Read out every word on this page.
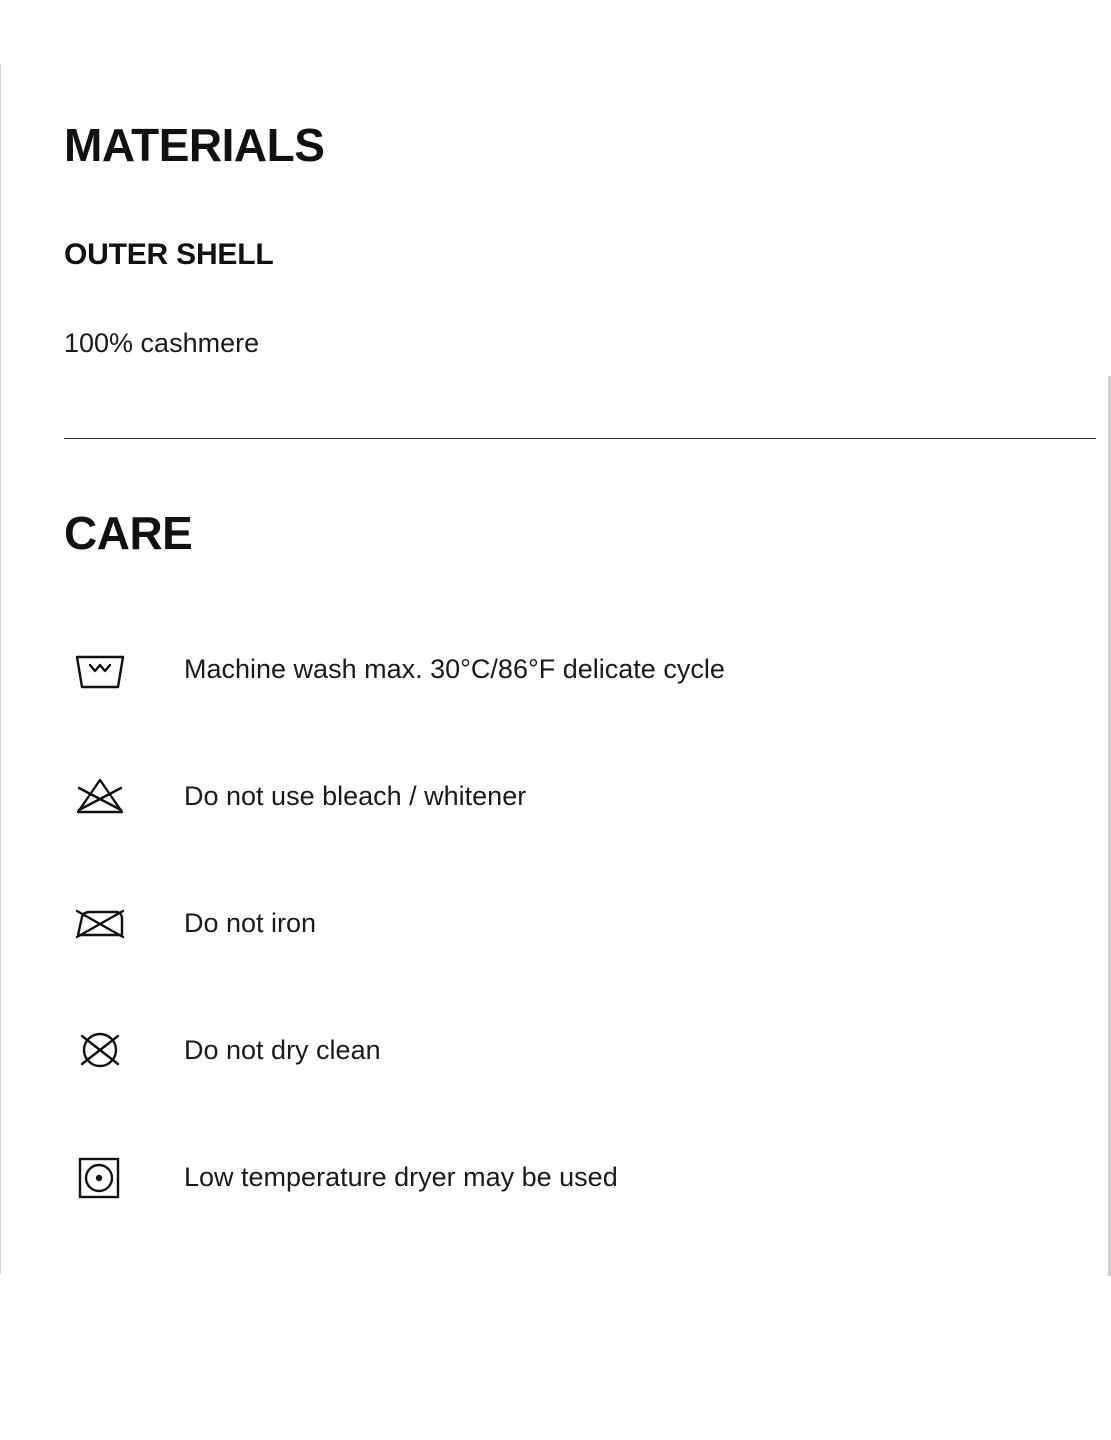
MATERIALS
OUTER SHELL

100% cashmere

CARE
Machine wash max. 30°C/86°F delicate cycle
Do not use bleach / whitener
Do not iron
Do not dry clean
Low temperature dryer may be used
